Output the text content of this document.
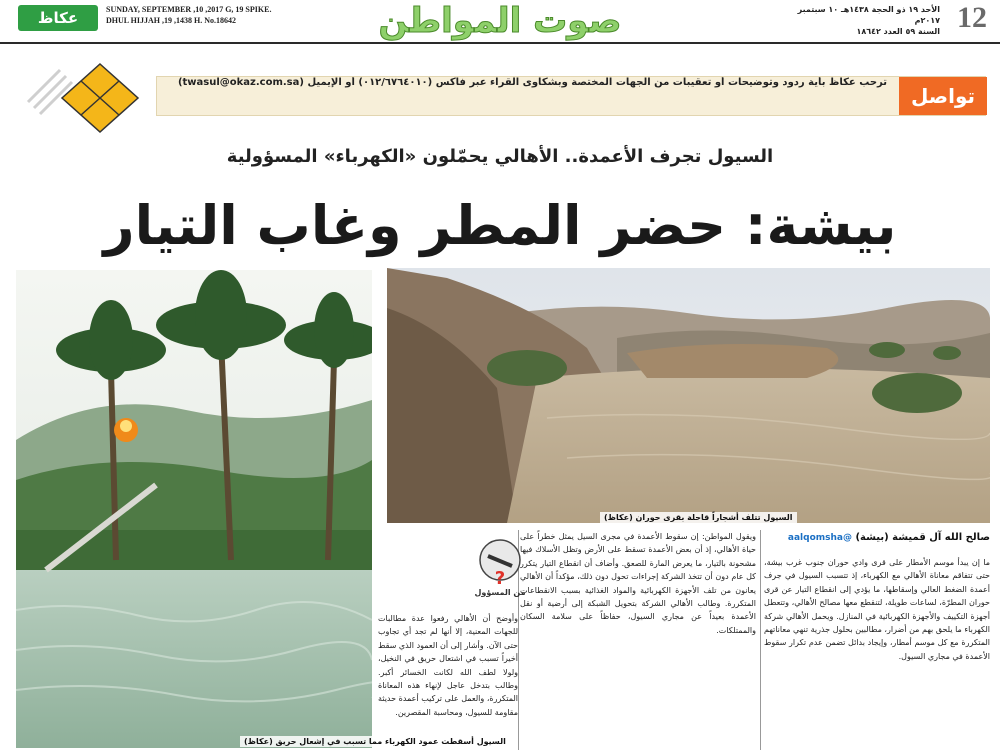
عكاظ	SUNDAY, SEPTEMBER ,10 ,2017 G, 19 SPIKE.
DHUL HIJJAH ,19 ,1438 H. No.18642	صوت المواطن	الأحد ١٩ ذو الحجة ١٤٣٨هـ ١٠ سبتمبر ٢٠١٧م
السنة ٥٩ العدد ١٨٦٤٢ 12
ترحب عكاظ بأية ردود وتوضيحات أو تعقيبات من الجهات المختصة وبشكاوى القراء عبر فاكس (٠١٢/٦٧٦٤٠١٠) أو الإيميل (twasul@okaz.com.sa)
تواصل
السيول تجرف الأعمدة.. الأهالي يحمّلون «الكهرباء» المسؤولية
بيشة: حضر المطر وغاب التيار
السيول أسقطت عمود الكهرباء مما تسبب في إشعال حريق (عكاظ)
السيول تتلف أشجاراً قاحلة بقرى حوران (عكاظ)
صالح الله آل قميشة (بيشة) @aalqomsha
ما إن يبدأ موسم الأمطار على قرى وادي حوران جنوب غرب بيشة، حتى تتفاقم معاناة الأهالي مع الكهرباء، إذ تتسبب السيول في جرف أعمدة الضغط العالي وإسقاطها، ما يؤدي إلى انقطاع التيار عن قرى حوران المطرّة، لساعات طويلة، لتنقطع معها مصالح الأهالي، وتتعطل أجهزة التكييف والأجهزة الكهربائية في المنازل. ويحمل الأهالي شركة الكهرباء ما يلحق بهم من أضرار، مطالبين بحلول جذرية تنهي معاناتهم المتكررة مع كل موسم أمطار، وإيجاد بدائل تضمن عدم تكرار سقوط الأعمدة في مجاري السيول.
ويقول المواطن: إن سقوط الأعمدة في مجرى السيل يمثل خطراً على حياة الأهالي، إذ أن بعض الأعمدة تسقط على الأرض وتظل الأسلاك فيها مشحونة بالتيار، ما يعرض المارة للصعق. وأضاف أن انقطاع التيار يتكرر كل عام دون أن تتخذ الشركة إجراءات تحول دون ذلك، مؤكداً أن الأهالي يعانون من تلف الأجهزة الكهربائية والمواد الغذائية بسبب الانقطاعات المتكررة. وطالب الأهالي الشركة بتحويل الشبكة إلى أرضية أو نقل الأعمدة بعيداً عن مجاري السيول، حفاظاً على سلامة السكان والممتلكات.
وأوضح أن الأهالي رفعوا عدة مطالبات للجهات المعنية، إلا أنها لم تجد أي تجاوب حتى الآن. وأشار إلى أن العمود الذي سقط أخيراً تسبب في اشتعال حريق في النخيل، ولولا لطف الله لكانت الخسائر أكبر. وطالب بتدخل عاجل لإنهاء هذه المعاناة المتكررة، والعمل على تركيب أعمدة حديثة مقاومة للسيول، ومحاسبة المقصرين.
?
من المسؤول
